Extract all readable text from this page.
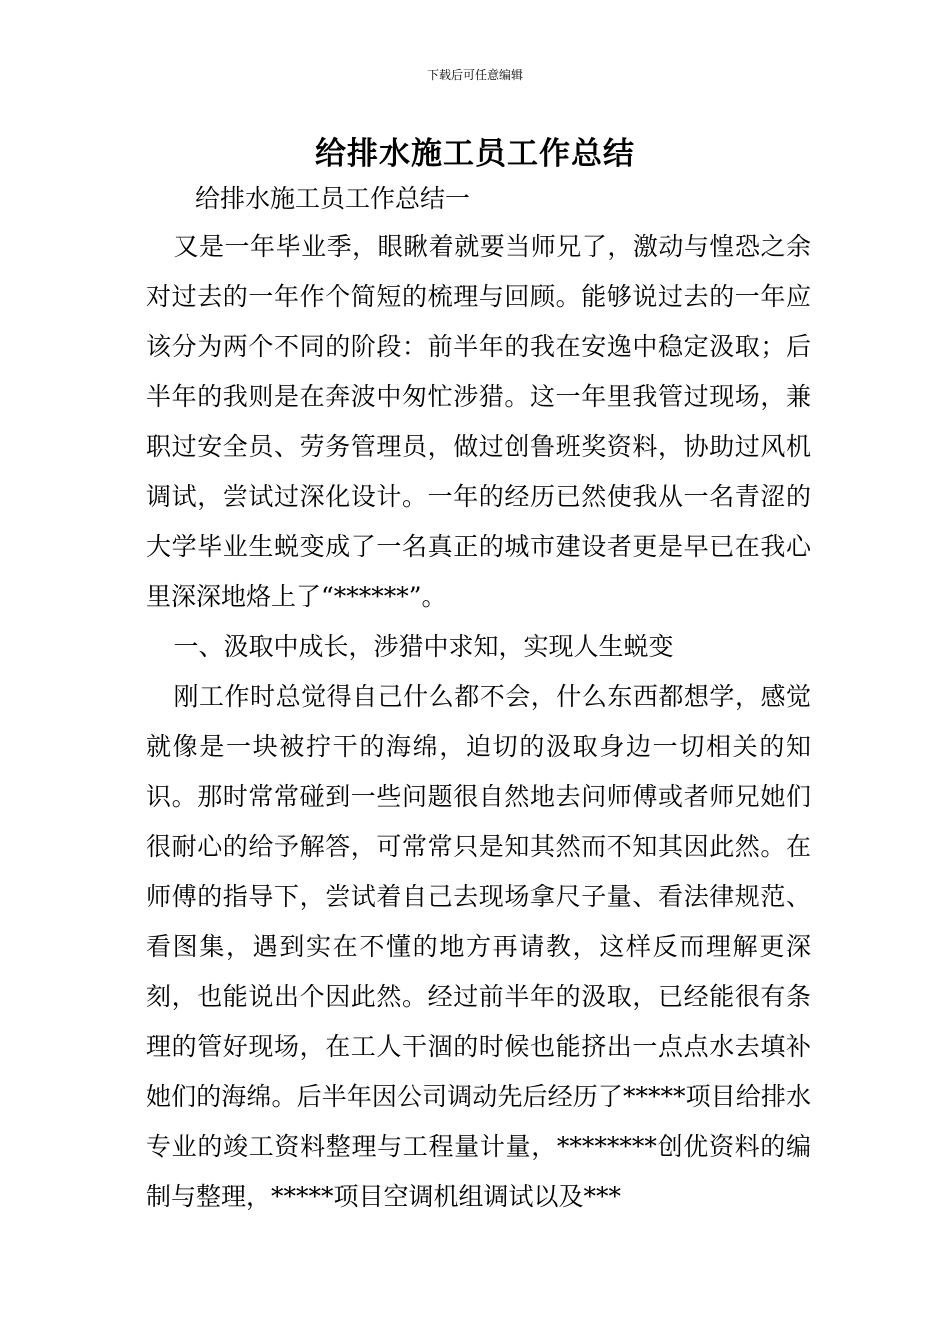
下载后可任意编辑
给排水施工员工作总结
给排水施工员工作总结一

又是一年毕业季，眼瞅着就要当师兄了，激动与惶恐之余对过去的一年作个简短的梳理与回顾。能够说过去的一年应该分为两个不同的阶段：前半年的我在安逸中稳定汲取；后半年的我则是在奔波中匆忙涉猎。这一年里我管过现场，兼职过安全员、劳务管理员，做过创鲁班奖资料，协助过风机调试，尝试过深化设计。一年的经历已然使我从一名青涩的大学毕业生蜕变成了一名真正的城市建设者更是早已在我心里深深地烙上了“******”。

一、汲取中成长，涉猎中求知，实现人生蜕变

刚工作时总觉得自己什么都不会，什么东西都想学，感觉就像是一块被拧干的海绵，迫切的汲取身边一切相关的知识。那时常常碰到一些问题很自然地去问师傅或者师兄她们很耐心的给予解答，可常常只是知其然而不知其因此然。在师傅的指导下，尝试着自己去现场拿尺子量、看法律规范、看图集，遇到实在不懂的地方再请教，这样反而理解更深刻，也能说出个因此然。经过前半年的汲取，已经能很有条理的管好现场，在工人干涸的时候也能挤出一点点水去填补她们的海绵。后半年因公司调动先后经历了*****项目给排水专业的竣工资料整理与工程量计量，********创优资料的编制与整理，*****项目空调机组调试以及***
